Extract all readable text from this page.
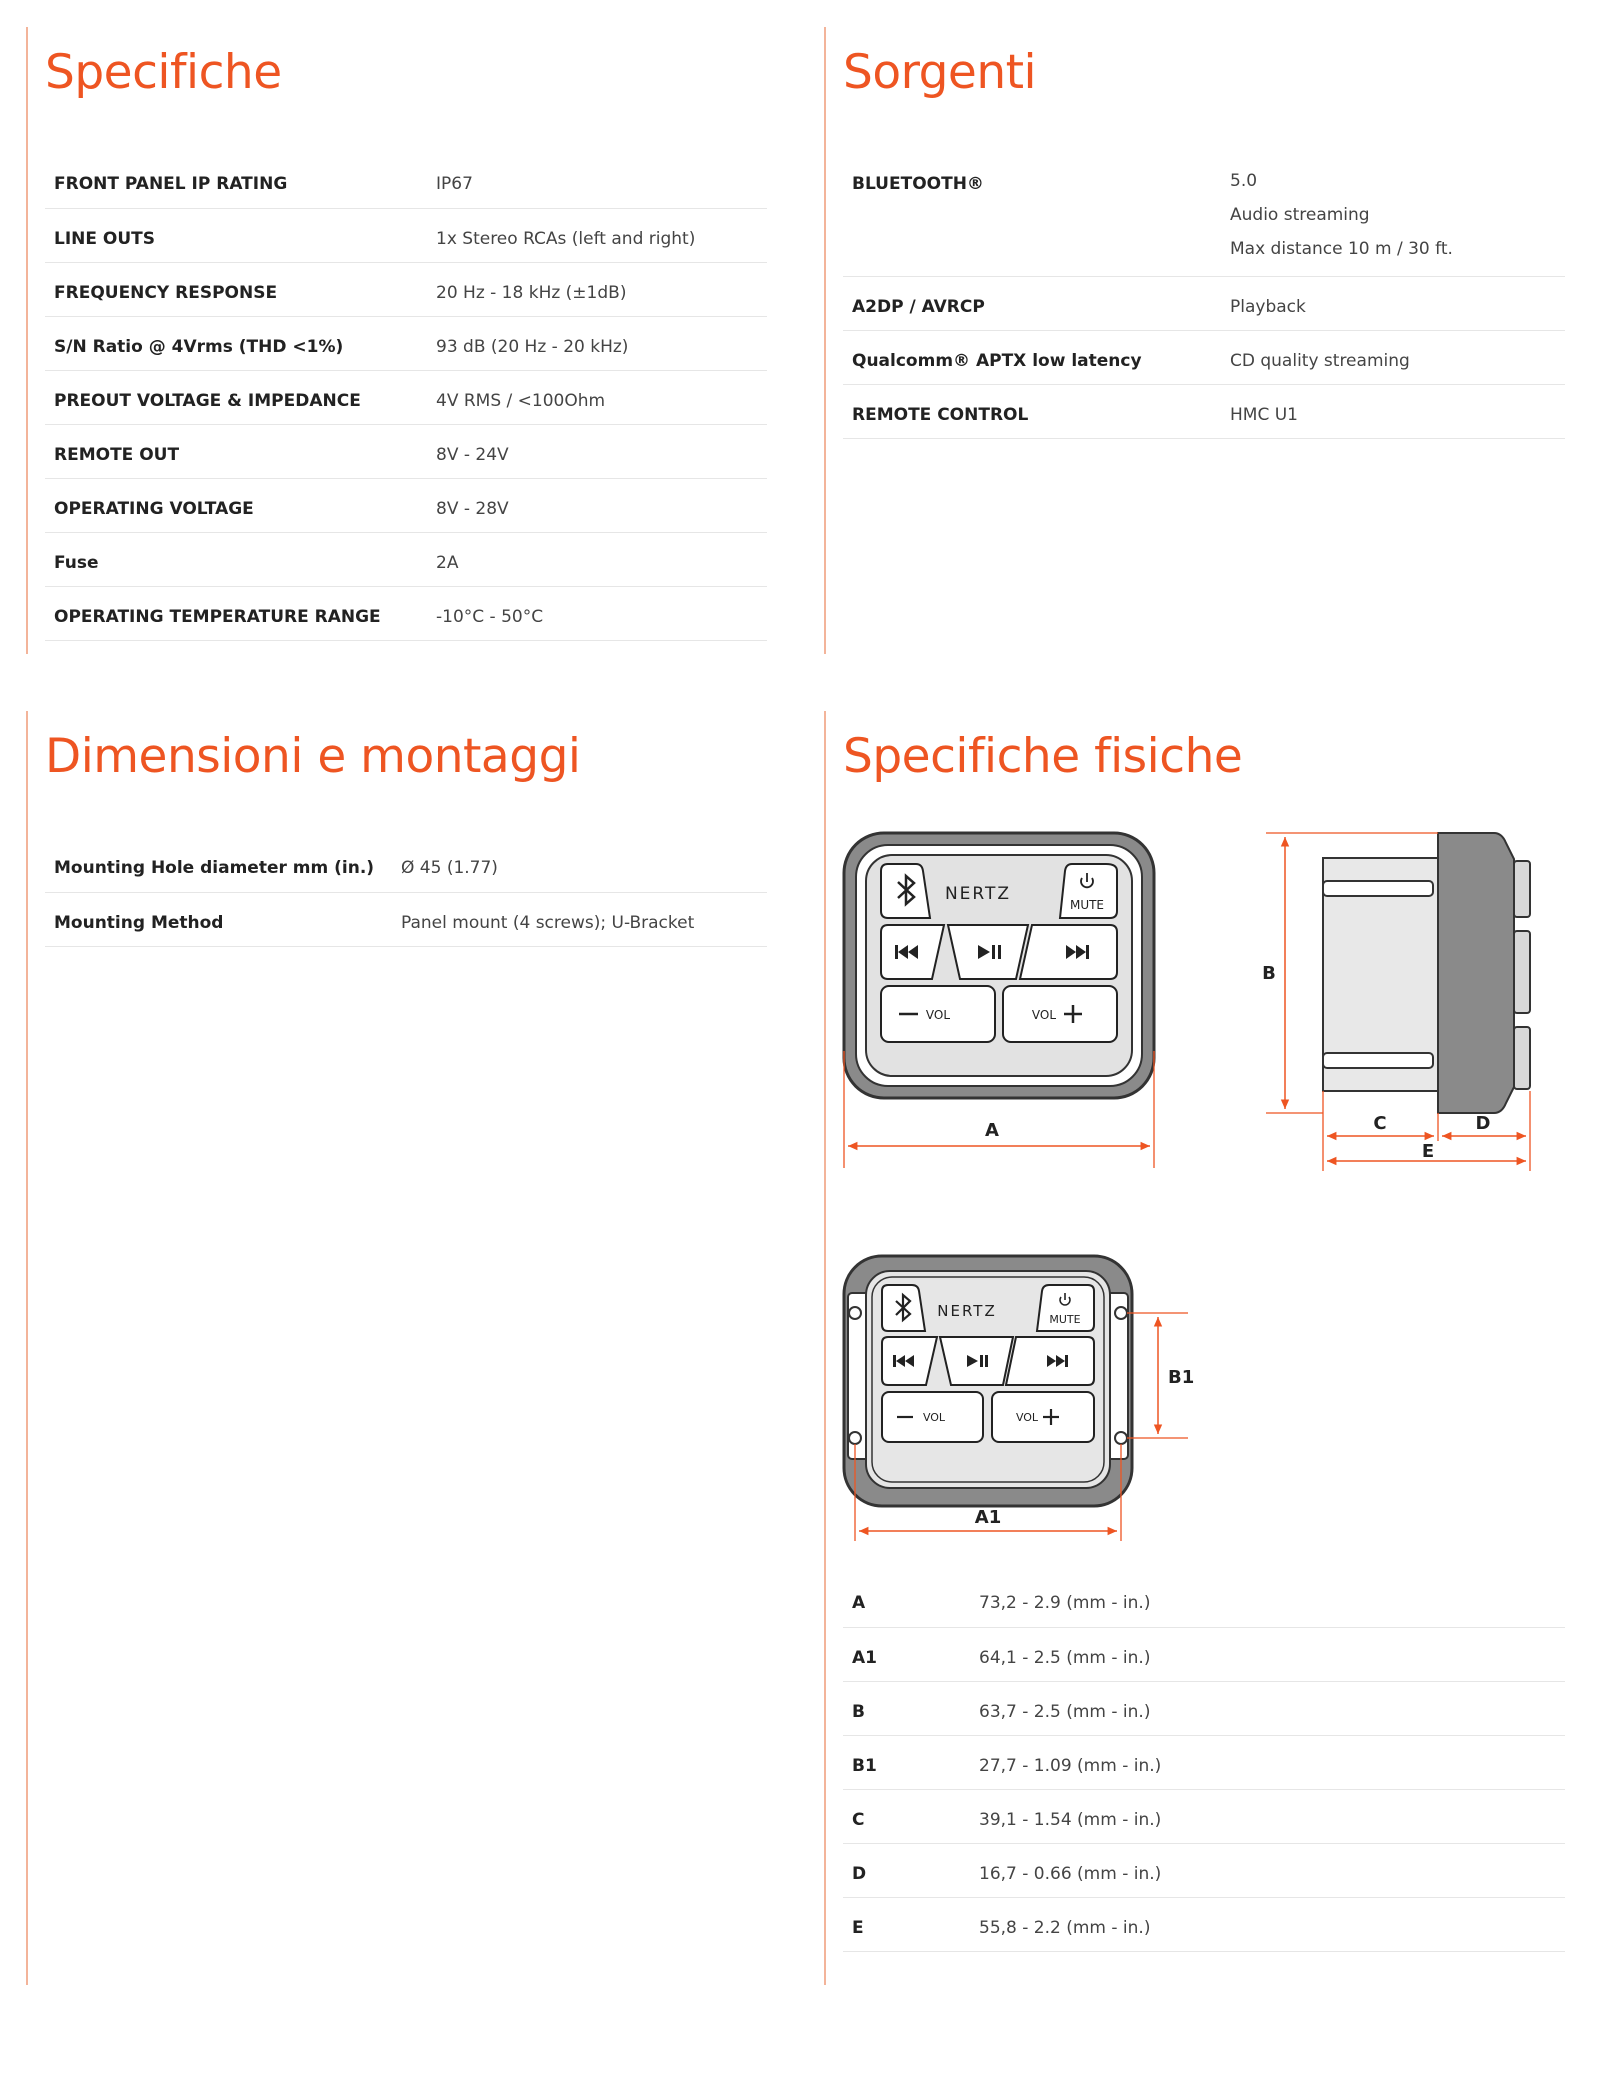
Specifiche
FRONT PANEL IP RATING	IP67
LINE OUTS	1x Stereo RCAs (left and right)
FREQUENCY RESPONSE	20 Hz - 18 kHz (±1dB)
S/N Ratio @ 4Vrms (THD <1%)	93 dB (20 Hz - 20 kHz)
PREOUT VOLTAGE & IMPEDANCE	4V RMS / <100Ohm
REMOTE OUT	8V - 24V
OPERATING VOLTAGE	8V - 28V
Fuse	2A
OPERATING TEMPERATURE RANGE	-10°C - 50°C
Sorgenti
BLUETOOTH®	5.0
Audio streaming
Max distance 10 m / 30 ft.

A2DP / AVRCP	Playback
Qualcomm® APTX low latency	CD quality streaming
REMOTE CONTROL	HMC U1
Dimensioni e montaggi
Mounting Hole diameter mm (in.)	Ø 45 (1.77)
Mounting Method	Panel mount (4 screws); U-Bracket
Specifiche fisiche
NERTZ
MUTE
VOL	VOL
A
B
C	D
E
NERTZ	MUTE
VOL	VOL
B1
A1
A	73,2 - 2.9 (mm - in.)
A1	64,1 - 2.5 (mm - in.)
B	63,7 - 2.5 (mm - in.)
B1	27,7 - 1.09 (mm - in.)
C	39,1 - 1.54 (mm - in.)
D	16,7 - 0.66 (mm - in.)
E	55,8 - 2.2 (mm - in.)
